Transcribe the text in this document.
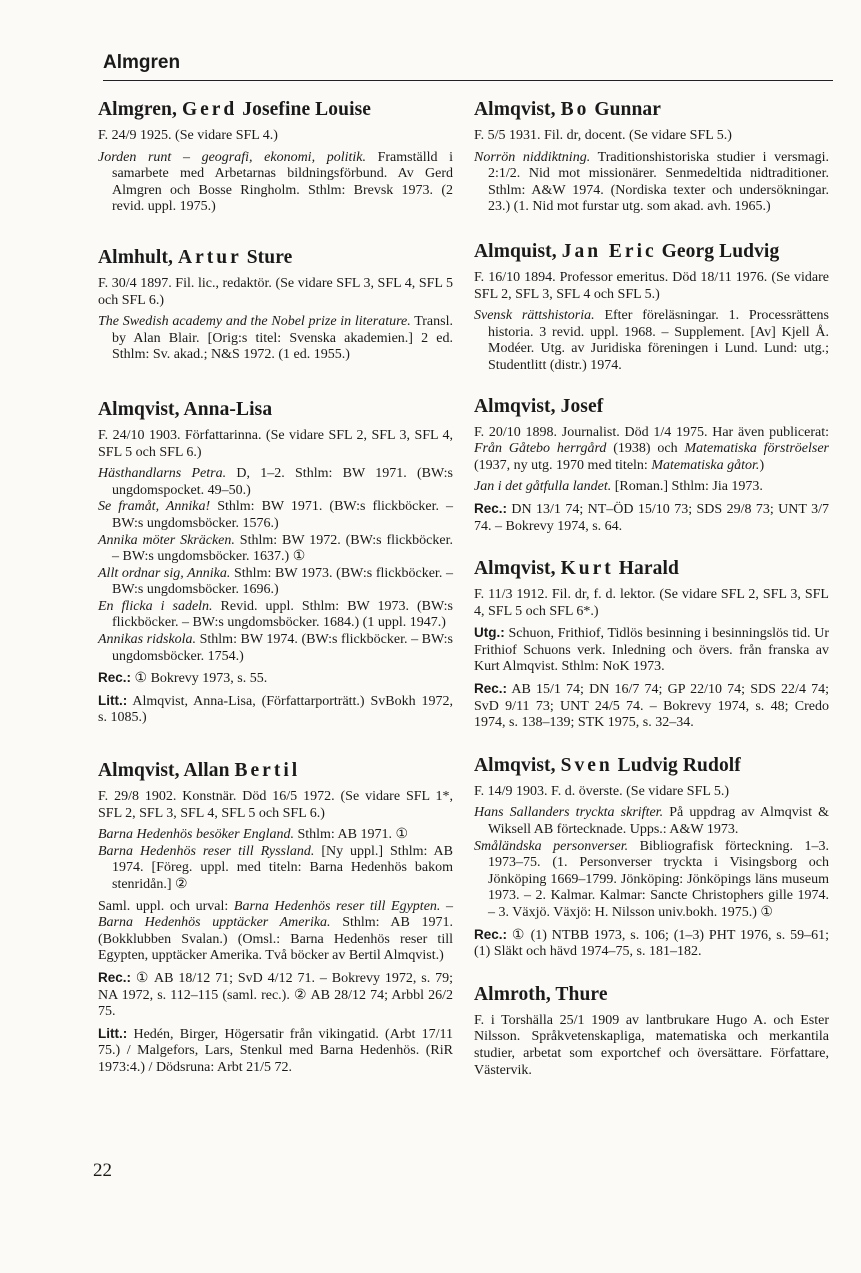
Almgren
Almgren, Gerd Josefine Louise

F. 24/9 1925. (Se vidare SFL 4.)

Jorden runt – geografi, ekonomi, politik. Framställd i samarbete med Arbetarnas bildningsförbund. Av Gerd Almgren och Bosse Ringholm. Sthlm: Brevsk 1973. (2 revid. uppl. 1975.)

Almhult, Artur Sture

F. 30/4 1897. Fil. lic., redaktör. (Se vidare SFL 3, SFL 4, SFL 5 och SFL 6.)

The Swedish academy and the Nobel prize in literature. Transl. by Alan Blair. [Orig:s titel: Svenska akademien.] 2 ed. Sthlm: Sv. akad.; N&S 1972. (1 ed. 1955.)

Almqvist, Anna-Lisa

F. 24/10 1903. Författarinna. (Se vidare SFL 2, SFL 3, SFL 4, SFL 5 och SFL 6.)

Hästhandlarns Petra. D, 1–2. Sthlm: BW 1971. (BW:s ungdomspocket. 49–50.)

Se framåt, Annika! Sthlm: BW 1971. (BW:s flickböcker. – BW:s ungdomsböcker. 1576.)

Annika möter Skräcken. Sthlm: BW 1972. (BW:s flickböcker. – BW:s ungdomsböcker. 1637.) ①

Allt ordnar sig, Annika. Sthlm: BW 1973. (BW:s flickböcker. – BW:s ungdomsböcker. 1696.)

En flicka i sadeln. Revid. uppl. Sthlm: BW 1973. (BW:s flickböcker. – BW:s ungdomsböcker. 1684.) (1 uppl. 1947.)

Annikas ridskola. Sthlm: BW 1974. (BW:s flickböcker. – BW:s ungdomsböcker. 1754.)

Rec.: ① Bokrevy 1973, s. 55.

Litt.: Almqvist, Anna-Lisa, (Författarporträtt.) SvBokh 1972, s. 1085.)

Almqvist, Allan Bertil

F. 29/8 1902. Konstnär. Död 16/5 1972. (Se vidare SFL 1*, SFL 2, SFL 3, SFL 4, SFL 5 och SFL 6.)

Barna Hedenhös besöker England. Sthlm: AB 1971. ①

Barna Hedenhös reser till Ryssland. [Ny uppl.] Sthlm: AB 1974. [Föreg. uppl. med titeln: Barna Hedenhös bakom stenridån.] ②

Saml. uppl. och urval: Barna Hedenhös reser till Egypten. – Barna Hedenhös upptäcker Amerika. Sthlm: AB 1971. (Bokklubben Svalan.) (Omsl.: Barna Hedenhös reser till Egypten, upptäcker Amerika. Två böcker av Bertil Almqvist.)

Rec.: ① AB 18/12 71; SvD 4/12 71. – Bokrevy 1972, s. 79; NA 1972, s. 112–115 (saml. rec.). ② AB 28/12 74; Arbbl 26/2 75.

Litt.: Hedén, Birger, Högersatir från vikingatid. (Arbt 17/11 75.) / Malgefors, Lars, Stenkul med Barna Hedenhös. (RiR 1973:4.) / Dödsruna: Arbt 21/5 72.

Almqvist, Bo Gunnar

F. 5/5 1931. Fil. dr, docent. (Se vidare SFL 5.)

Norrön niddiktning. Traditionshistoriska studier i versmagi. 2:1/2. Nid mot missionärer. Senmedeltida nidtraditioner. Sthlm: A&W 1974. (Nordiska texter och undersökningar. 23.) (1. Nid mot furstar utg. som akad. avh. 1965.)

Almquist, Jan Eric Georg Ludvig

F. 16/10 1894. Professor emeritus. Död 18/11 1976. (Se vidare SFL 2, SFL 3, SFL 4 och SFL 5.)

Svensk rättshistoria. Efter föreläsningar. 1. Processrättens historia. 3 revid. uppl. 1968. – Supplement. [Av] Kjell Å. Modéer. Utg. av Juridiska föreningen i Lund. Lund: utg.; Studentlitt (distr.) 1974.

Almqvist, Josef

F. 20/10 1898. Journalist. Död 1/4 1975. Har även publicerat: Från Gåtebo herrgård (1938) och Matematiska förströelser (1937, ny utg. 1970 med titeln: Matematiska gåtor.)

Jan i det gåtfulla landet. [Roman.] Sthlm: Jia 1973.

Rec.: DN 13/1 74; NT–ÖD 15/10 73; SDS 29/8 73; UNT 3/7 74. – Bokrevy 1974, s. 64.

Almqvist, Kurt Harald

F. 11/3 1912. Fil. dr, f. d. lektor. (Se vidare SFL 2, SFL 3, SFL 4, SFL 5 och SFL 6*.)

Utg.: Schuon, Frithiof, Tidlös besinning i besinningslös tid. Ur Frithiof Schuons verk. Inledning och övers. från franska av Kurt Almqvist. Sthlm: NoK 1973.

Rec.: AB 15/1 74; DN 16/7 74; GP 22/10 74; SDS 22/4 74; SvD 9/11 73; UNT 24/5 74. – Bokrevy 1974, s. 48; Credo 1974, s. 138–139; STK 1975, s. 32–34.

Almqvist, Sven Ludvig Rudolf

F. 14/9 1903. F. d. överste. (Se vidare SFL 5.)

Hans Sallanders tryckta skrifter. På uppdrag av Almqvist & Wiksell AB förtecknade. Upps.: A&W 1973.

Småländska personverser. Bibliografisk förteckning. 1–3. 1973–75. (1. Personverser tryckta i Visingsborg och Jönköping 1669–1799. Jönköping: Jönköpings läns museum 1973. – 2. Kalmar. Kalmar: Sancte Christophers gille 1974. – 3. Växjö. Växjö: H. Nilsson univ.bokh. 1975.) ①

Rec.: ① (1) NTBB 1973, s. 106; (1–3) PHT 1976, s. 59–61; (1) Släkt och hävd 1974–75, s. 181–182.

Almroth, Thure

F. i Torshälla 25/1 1909 av lantbrukare Hugo A. och Ester Nilsson. Språkvetenskapliga, matematiska och merkantila studier, arbetat som exportchef och översättare. Författare, Västervik.

22
